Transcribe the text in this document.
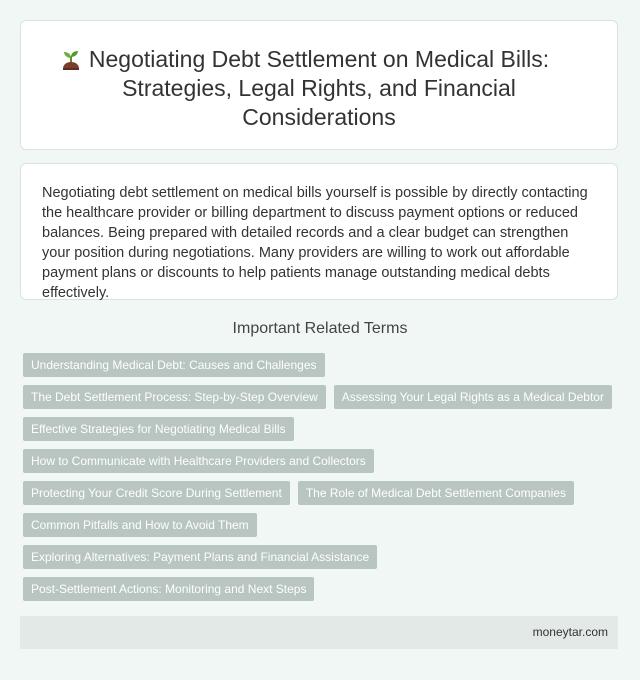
Negotiating Debt Settlement on Medical Bills: Strategies, Legal Rights, and Financial Considerations

Negotiating debt settlement on medical bills yourself is possible by directly contacting the healthcare provider or billing department to discuss payment options or reduced balances. Being prepared with detailed records and a clear budget can strengthen your position during negotiations. Many providers are willing to work out affordable payment plans or discounts to help patients manage outstanding medical debts effectively.

Important Related Terms
Understanding Medical Debt: Causes and Challenges
The Debt Settlement Process: Step-by-Step Overview	Assessing Your Legal Rights as a Medical Debtor
Effective Strategies for Negotiating Medical Bills
How to Communicate with Healthcare Providers and Collectors
Protecting Your Credit Score During Settlement	The Role of Medical Debt Settlement Companies
Common Pitfalls and How to Avoid Them
Exploring Alternatives: Payment Plans and Financial Assistance
Post-Settlement Actions: Monitoring and Next Steps
moneytar.com
